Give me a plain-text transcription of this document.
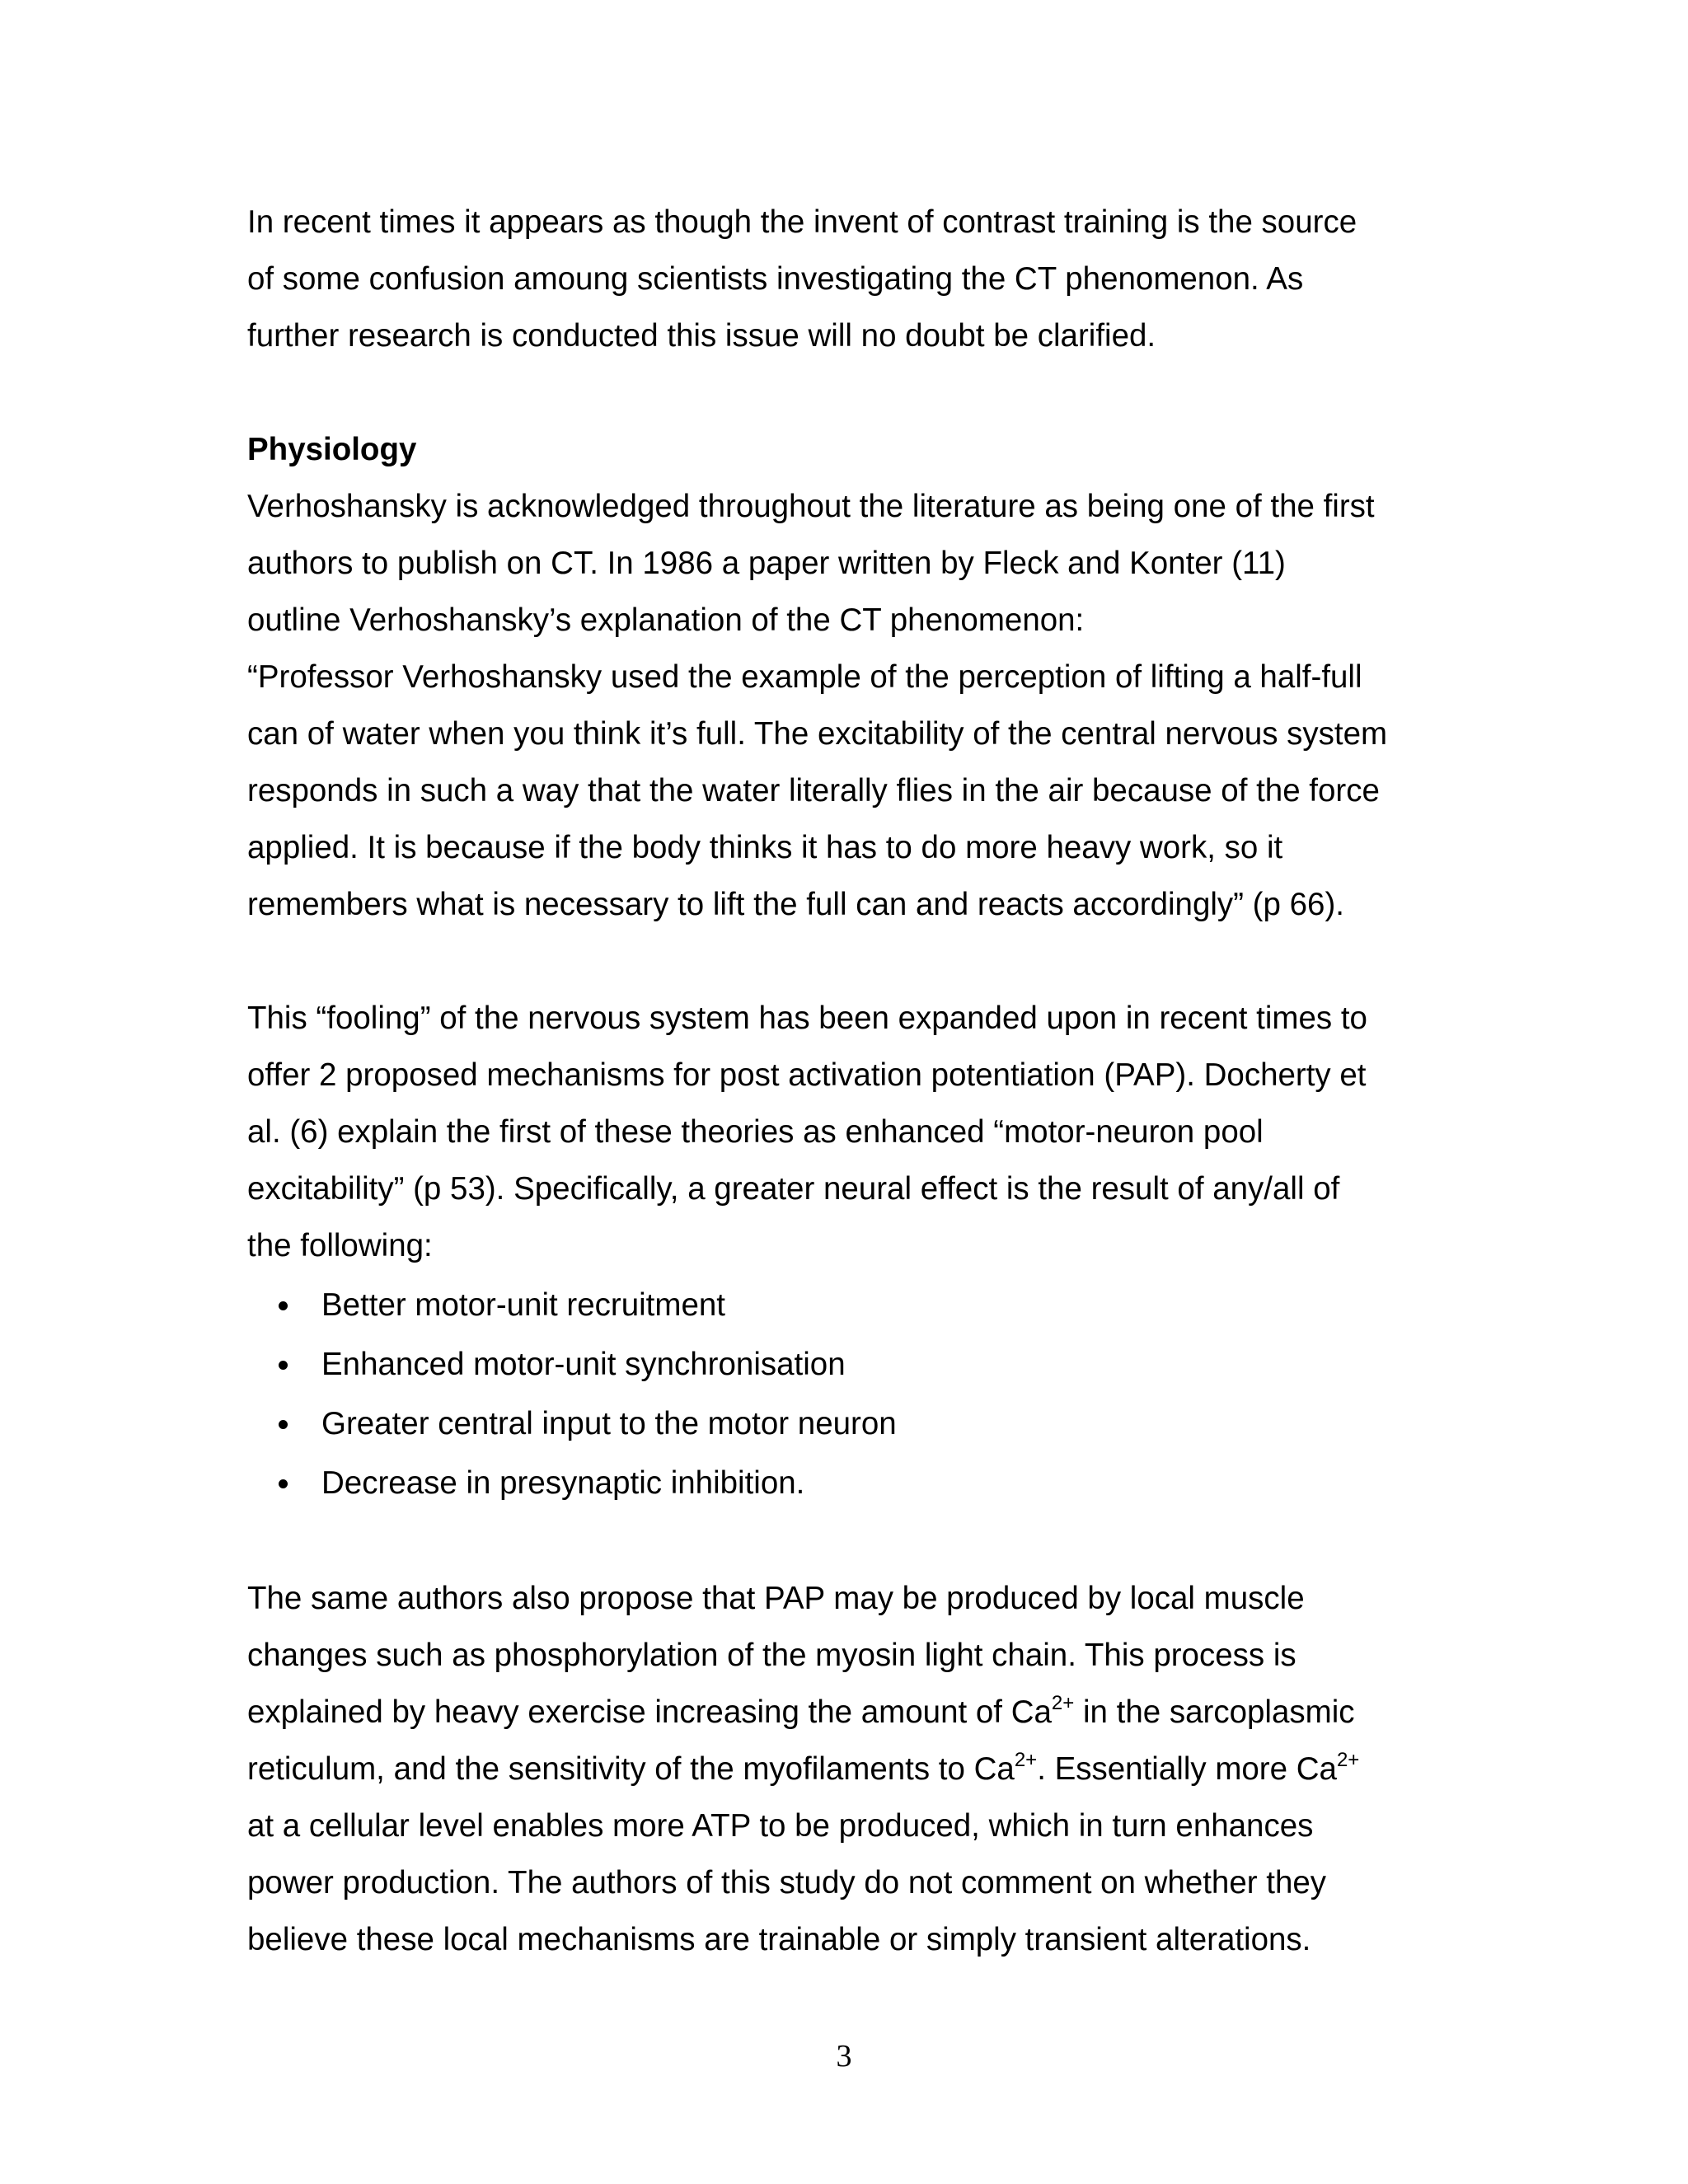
In recent times it appears as though the invent of contrast training is the source

of some confusion amoung scientists investigating the CT phenomenon. As

further research is conducted this issue will no doubt be clarified.

Physiology

Verhoshansky is acknowledged throughout the literature as being one of the first

authors to publish on CT. In 1986 a paper written by Fleck and Konter (11)

outline Verhoshansky’s explanation of the CT phenomenon:

“Professor Verhoshansky used the example of the perception of lifting a half-full

can of water when you think it’s full. The excitability of the central nervous system

responds in such a way that the water literally flies in the air because of the force

applied. It is because if the body thinks it has to do more heavy work, so it

remembers what is necessary to lift the full can and reacts accordingly” (p 66).

This “fooling” of the nervous system has been expanded upon in recent times to

offer 2 proposed mechanisms for post activation potentiation (PAP). Docherty et

al. (6) explain the first of these theories as enhanced “motor-neuron pool

excitability” (p 53). Specifically, a greater neural effect is the result of any/all of

the following:

Better motor-unit recruitment
Enhanced motor-unit synchronisation
Greater central input to the motor neuron
Decrease in presynaptic inhibition.

The same authors also propose that PAP may be produced by local muscle

changes such as phosphorylation of the myosin light chain. This process is

explained by heavy exercise increasing the amount of $Ca^{2+}$ in the sarcoplasmic

reticulum, and the sensitivity of the myofilaments to $Ca^{2+}$. Essentially more $Ca^{2+}$

at a cellular level enables more ATP to be produced, which in turn enhances

power production. The authors of this study do not comment on whether they

believe these local mechanisms are trainable or simply transient alterations.

3
